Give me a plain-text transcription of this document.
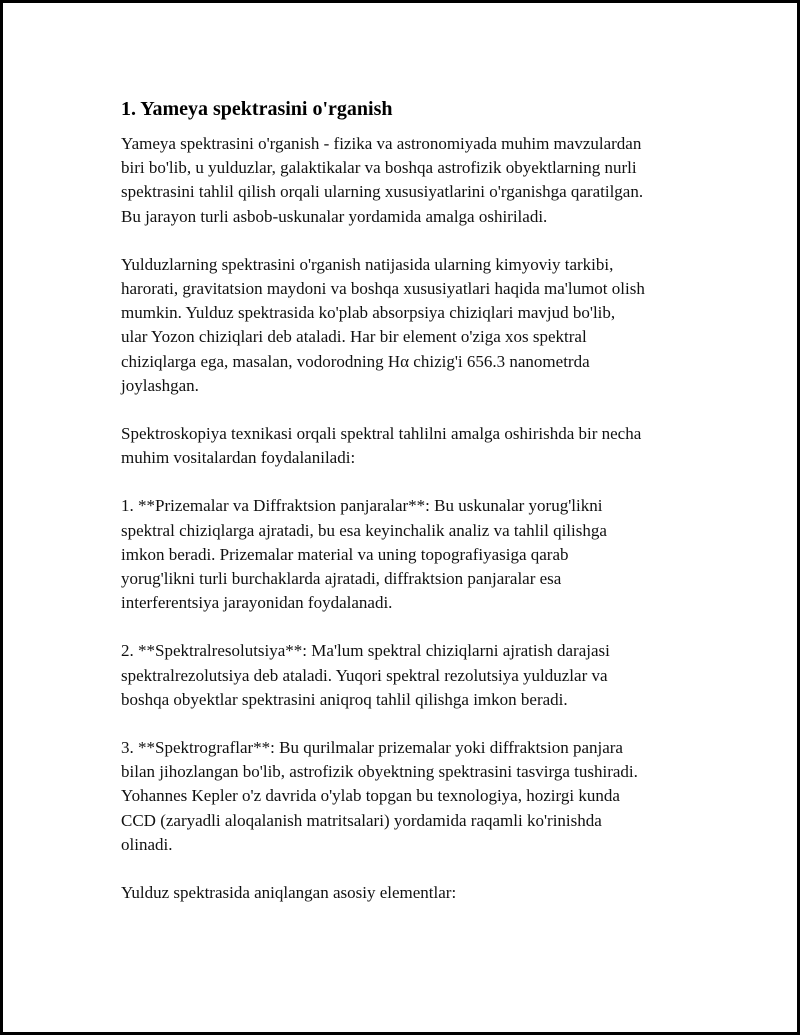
1. Yameya spektrasini o'rganish

Yameya spektrasini o'rganish - fizika va astronomiyada muhim mavzulardan
biri bo'lib, u yulduzlar, galaktikalar va boshqa astrofizik obyektlarning nurli
spektrasini tahlil qilish orqali ularning xususiyatlarini o'rganishga qaratilgan.
Bu jarayon turli asbob-uskunalar yordamida amalga oshiriladi.

Yulduzlarning spektrasini o'rganish natijasida ularning kimyoviy tarkibi,
harorati, gravitatsion maydoni va boshqa xususiyatlari haqida ma'lumot olish
mumkin. Yulduz spektrasida ko'plab absorpsiya chiziqlari mavjud bo'lib,
ular Yozon chiziqlari deb ataladi. Har bir element o'ziga xos spektral
chiziqlarga ega, masalan, vodorodning Hα chizig'i 656.3 nanometrda
joylashgan.

Spektroskopiya texnikasi orqali spektral tahlilni amalga oshirishda bir necha
muhim vositalardan foydalaniladi:

1. **Prizemalar va Diffraktsion panjaralar**: Bu uskunalar yorug'likni
spektral chiziqlarga ajratadi, bu esa keyinchalik analiz va tahlil qilishga
imkon beradi. Prizemalar material va uning topografiyasiga qarab
yorug'likni turli burchaklarda ajratadi, diffraktsion panjaralar esa
interferentsiya jarayonidan foydalanadi.

2. **Spektralresolutsiya**: Ma'lum spektral chiziqlarni ajratish darajasi
spektralrezolutsiya deb ataladi. Yuqori spektral rezolutsiya yulduzlar va
boshqa obyektlar spektrasini aniqroq tahlil qilishga imkon beradi.

3. **Spektrograflar**: Bu qurilmalar prizemalar yoki diffraktsion panjara
bilan jihozlangan bo'lib, astrofizik obyektning spektrasini tasvirga tushiradi.
Yohannes Kepler o'z davrida o'ylab topgan bu texnologiya, hozirgi kunda
CCD (zaryadli aloqalanish matritsalari) yordamida raqamli ko'rinishda
olinadi.

Yulduz spektrasida aniqlangan asosiy elementlar:
